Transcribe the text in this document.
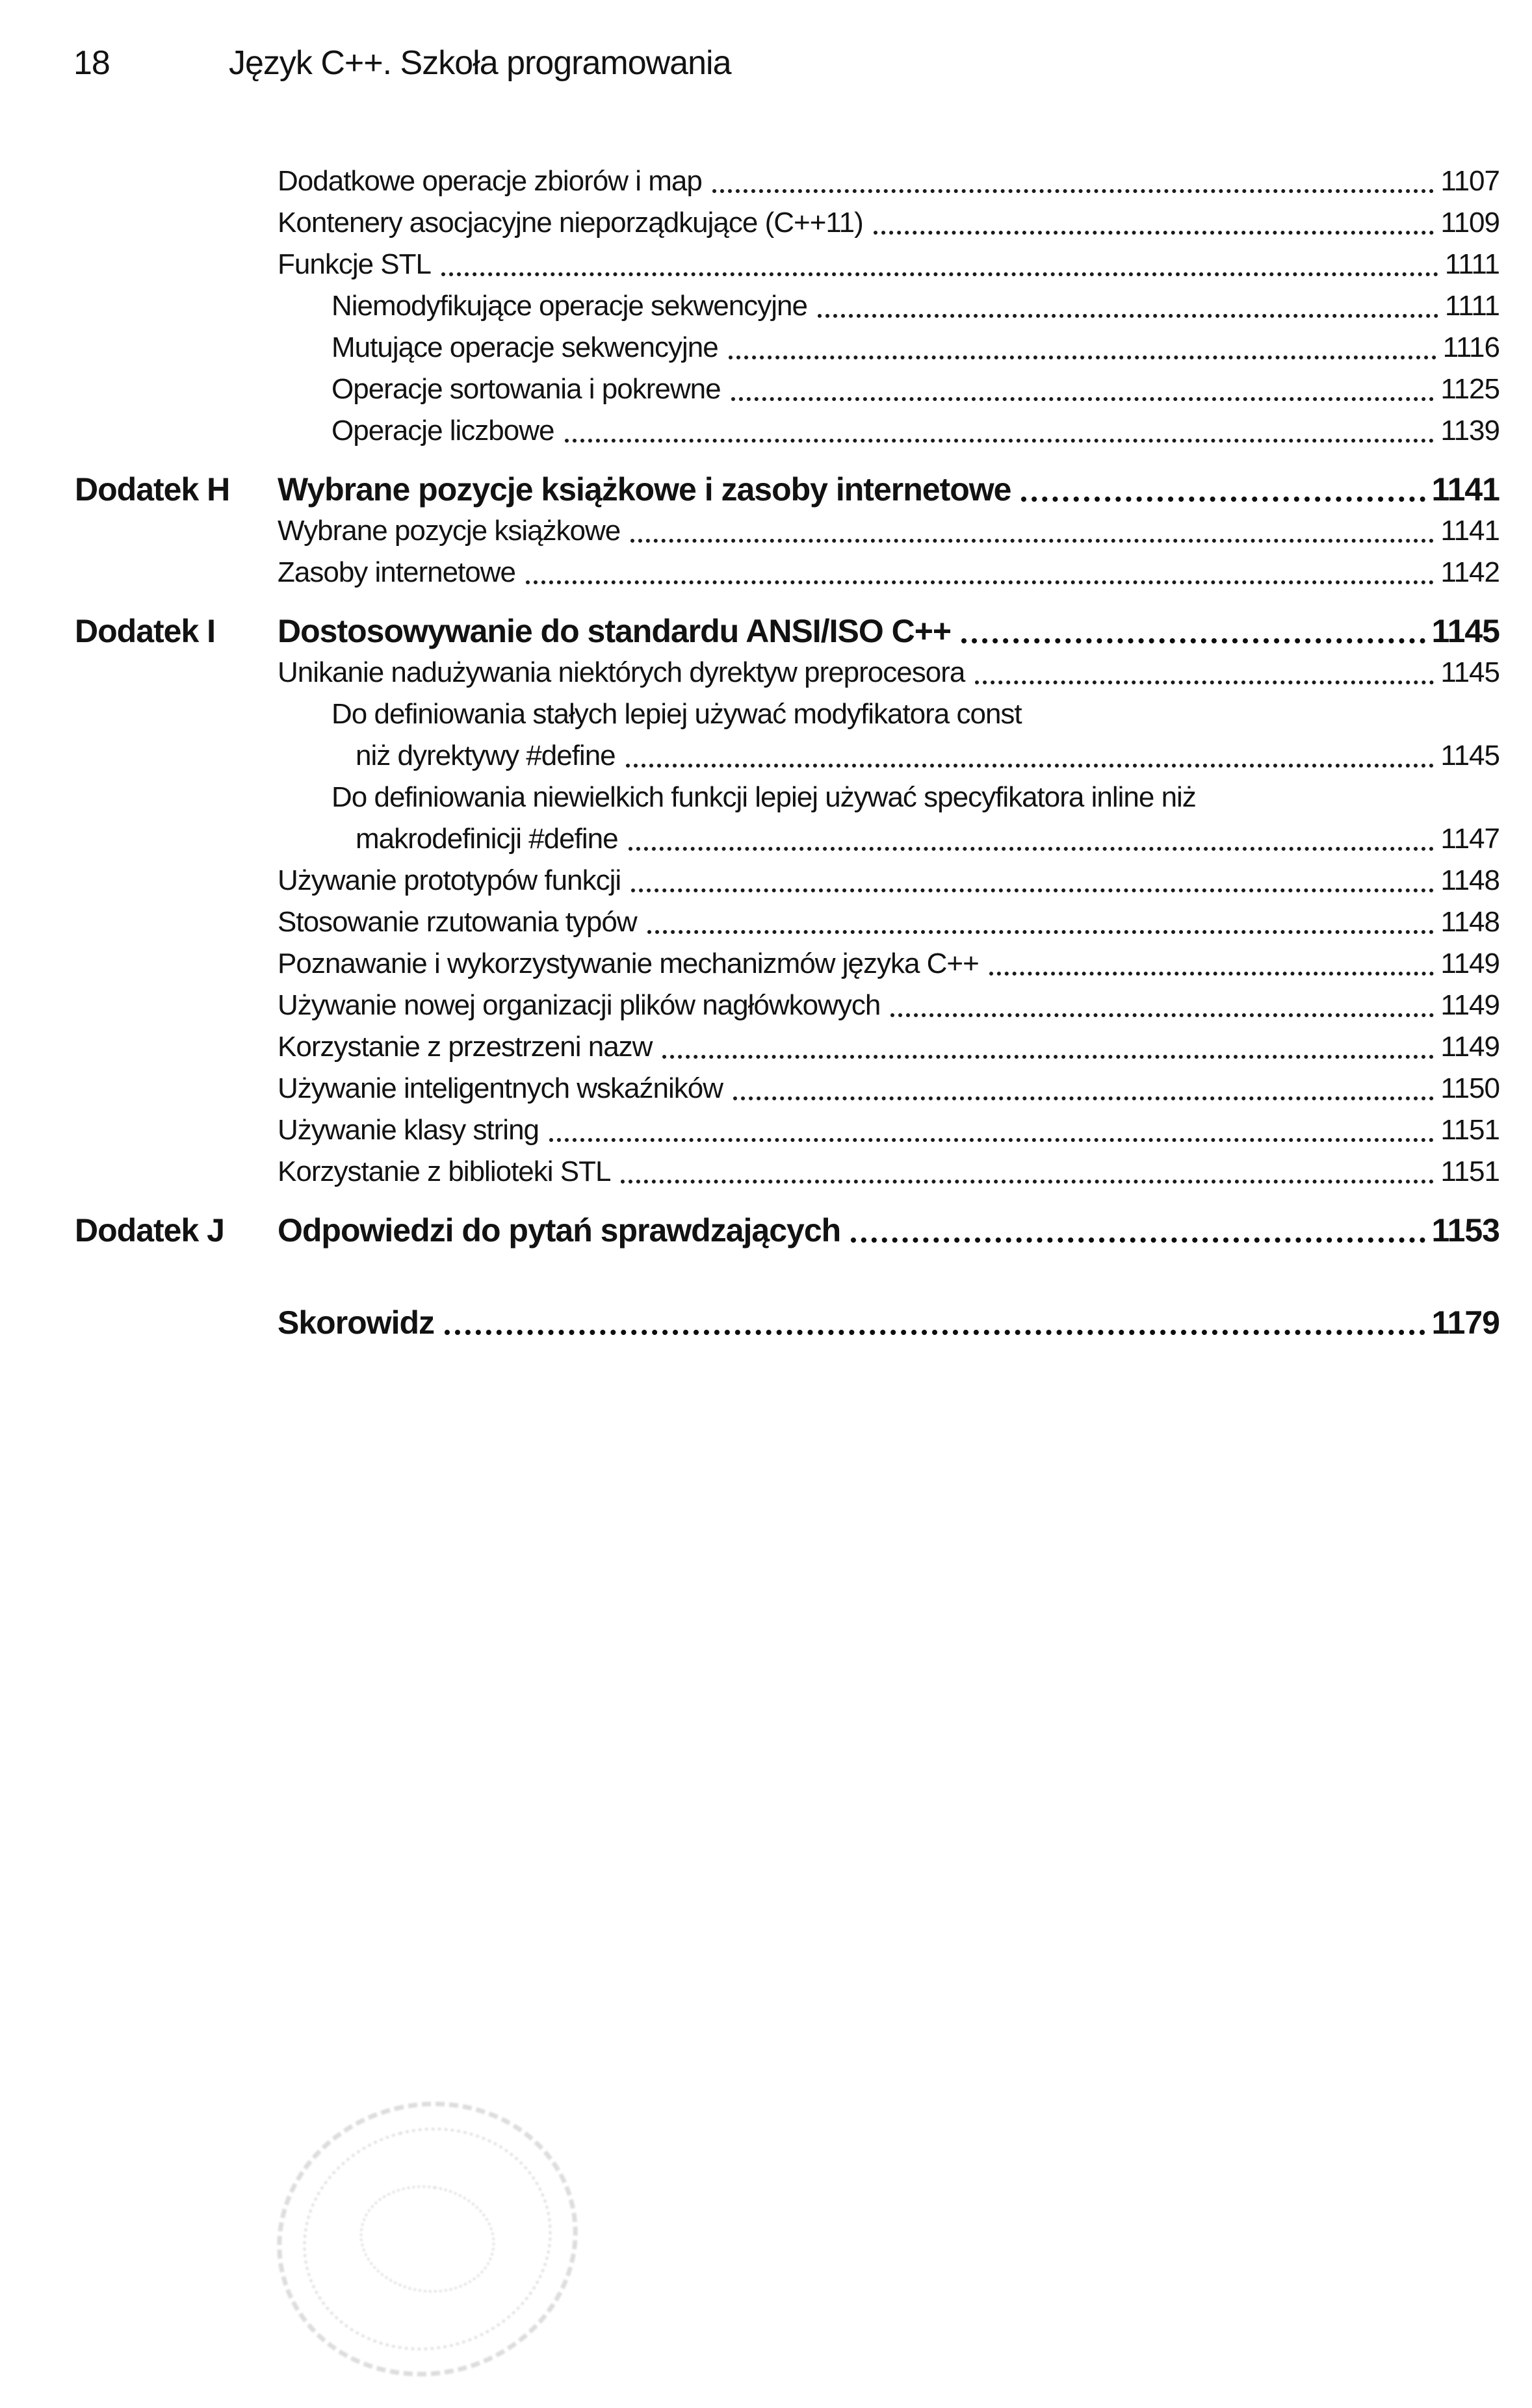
18	Język C++. Szkoła programowania
Dodatkowe operacje zbiorów i map	1107
Kontenery asocjacyjne nieporządkujące (C++11)	1109
Funkcje STL	1111
Niemodyfikujące operacje sekwencyjne	1111
Mutujące operacje sekwencyjne	1116
Operacje sortowania i pokrewne	1125
Operacje liczbowe	1139
Dodatek H	Wybrane pozycje książkowe i zasoby internetowe	1141
Wybrane pozycje książkowe	1141
Zasoby internetowe	1142
Dodatek I	Dostosowywanie do standardu ANSI/ISO C++	1145
Unikanie nadużywania niektórych dyrektyw preprocesora	1145
Do definiowania stałych lepiej używać modyfikatora const
niż dyrektywy #define	1145
Do definiowania niewielkich funkcji lepiej używać specyfikatora inline niż
makrodefinicji #define	1147
Używanie prototypów funkcji	1148
Stosowanie rzutowania typów	1148
Poznawanie i wykorzystywanie mechanizmów języka C++	1149
Używanie nowej organizacji plików nagłówkowych	1149
Korzystanie z przestrzeni nazw	1149
Używanie inteligentnych wskaźników	1150
Używanie klasy string	1151
Korzystanie z biblioteki STL	1151
Dodatek J	Odpowiedzi do pytań sprawdzających	1153
Skorowidz	1179
